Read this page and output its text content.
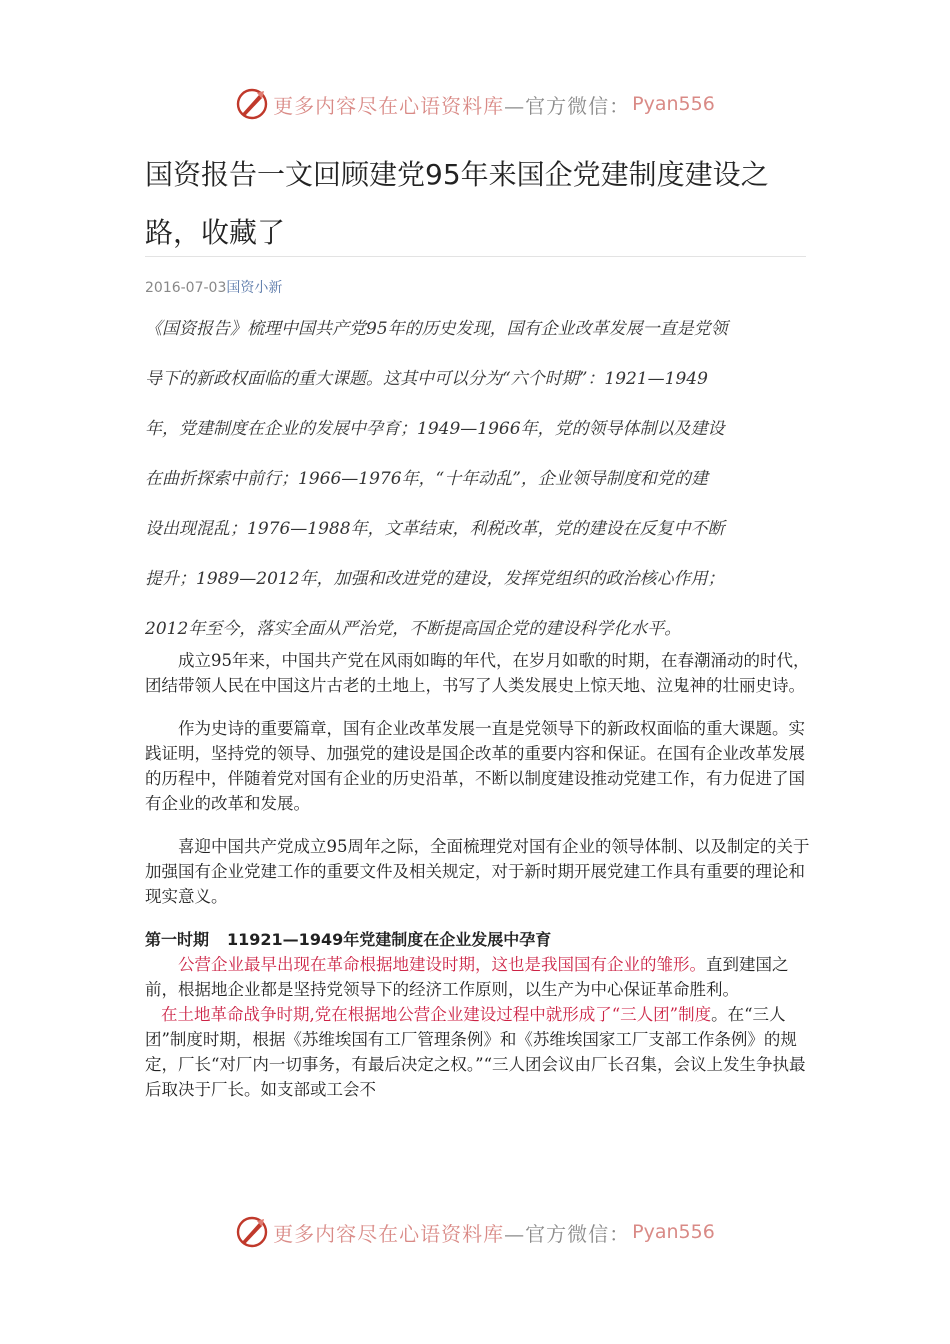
更多内容尽在心语资料库 —官方微信： Pyan556
国资报告一文回顾建党95年来国企党建制度建设之
路，收藏了
2016-07-03国资小新
《国资报告》梳理中国共产党95年的历史发现，国有企业改革发展一直是党领
导下的新政权面临的重大课题。这其中可以分为“六个时期”：1921—1949
年，党建制度在企业的发展中孕育；1949—1966年，党的领导体制以及建设
在曲折探索中前行；1966—1976年，“十年动乱”，企业领导制度和党的建
设出现混乱；1976—1988年，文革结束，利税改革，党的建设在反复中不断
提升；1989—2012年，加强和改进党的建设，发挥党组织的政治核心作用；
2012年至今，落实全面从严治党，不断提高国企党的建设科学化水平。

成立95年来，中国共产党在风雨如晦的年代，在岁月如歌的时期，在春潮涌动的时代，团结带领人民在中国这片古老的土地上，书写了人类发展史上惊天地、泣鬼神的壮丽史诗。

作为史诗的重要篇章，国有企业改革发展一直是党领导下的新政权面临的重大课题。实践证明，坚持党的领导、加强党的建设是国企改革的重要内容和保证。在国有企业改革发展的历程中，伴随着党对国有企业的历史沿革，不断以制度建设推动党建工作，有力促进了国有企业的改革和发展。

喜迎中国共产党成立95周年之际，全面梳理党对国有企业的领导体制、以及制定的关于加强国有企业党建工作的重要文件及相关规定，对于新时期开展党建工作具有重要的理论和现实意义。

第一时期 11921—1949年党建制度在企业发展中孕育
公营企业最早出现在革命根据地建设时期，这也是我国国有企业的雏形。直到建国之前，根据地企业都是坚持党领导下的经济工作原则，以生产为中心保证革命胜利。
在土地革命战争时期,党在根据地公营企业建设过程中就形成了“三人团”制度。在“三人团”制度时期，根据《苏维埃国有工厂管理条例》和《苏维埃国家工厂支部工作条例》的规定，厂长“对厂内一切事务，有最后决定之权。”“三人团会议由厂长召集，会议上发生争执最后取决于厂长。如支部或工会不
更多内容尽在心语资料库 —官方微信： Pyan556
